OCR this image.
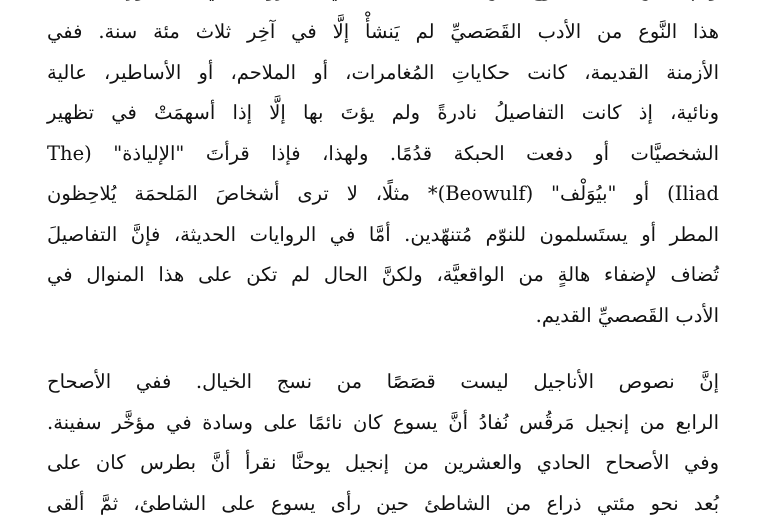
هذا النَّوع من الأدب القَصَصيِّ لم يَنشأْ إلَّا في آخِر ثلاث مئة سنة. ففي
الأزمنة القديمة، كانت حكاياتِ المُغامرات، أو الملاحم، أو الأساطير، عالية
ونائية، إذ كانت التفاصيلُ نادرةً ولم يؤتَ بها إلَّا إذا أسهمَتْ في تظهير
الشخصيَّات أو دفعت الحبكة قدُمًا. ولهذا، فإذا قرأتَ "الإلياذة" (The
Iliad) أو "بيُوَلْف" (Beowulf)* مثلًا، لا ترى أشخاصَ المَلحمَة يُلاحِظون
المطر أو يستَسلمون للنوّم مُتنهّدين. أمَّا في الروايات الحديثة، فإنَّ التفاصيلَ
تُضاف لإضفاء هالةٍ من الواقعيَّة، ولكنَّ الحال لم تكن على هذا المنوال في
الأدب القَصصيِّ القديم.
إنَّ نصوص الأناجيل ليست قصَصًا من نسج الخيال. ففي الأصحاح
الرابع من إنجيل مَرقُس نُفادُ أنَّ يسوع كان نائمًا على وسادة في مؤخَّر سفينة.
وفي الأصحاح الحادي والعشرين من إنجيل يوحنَّا نقرأ أنَّ بطرس كان على
بُعد نحو مئتي ذراع من الشاطئ حين رأى يسوع على الشاطئ، ثمَّ ألقى
